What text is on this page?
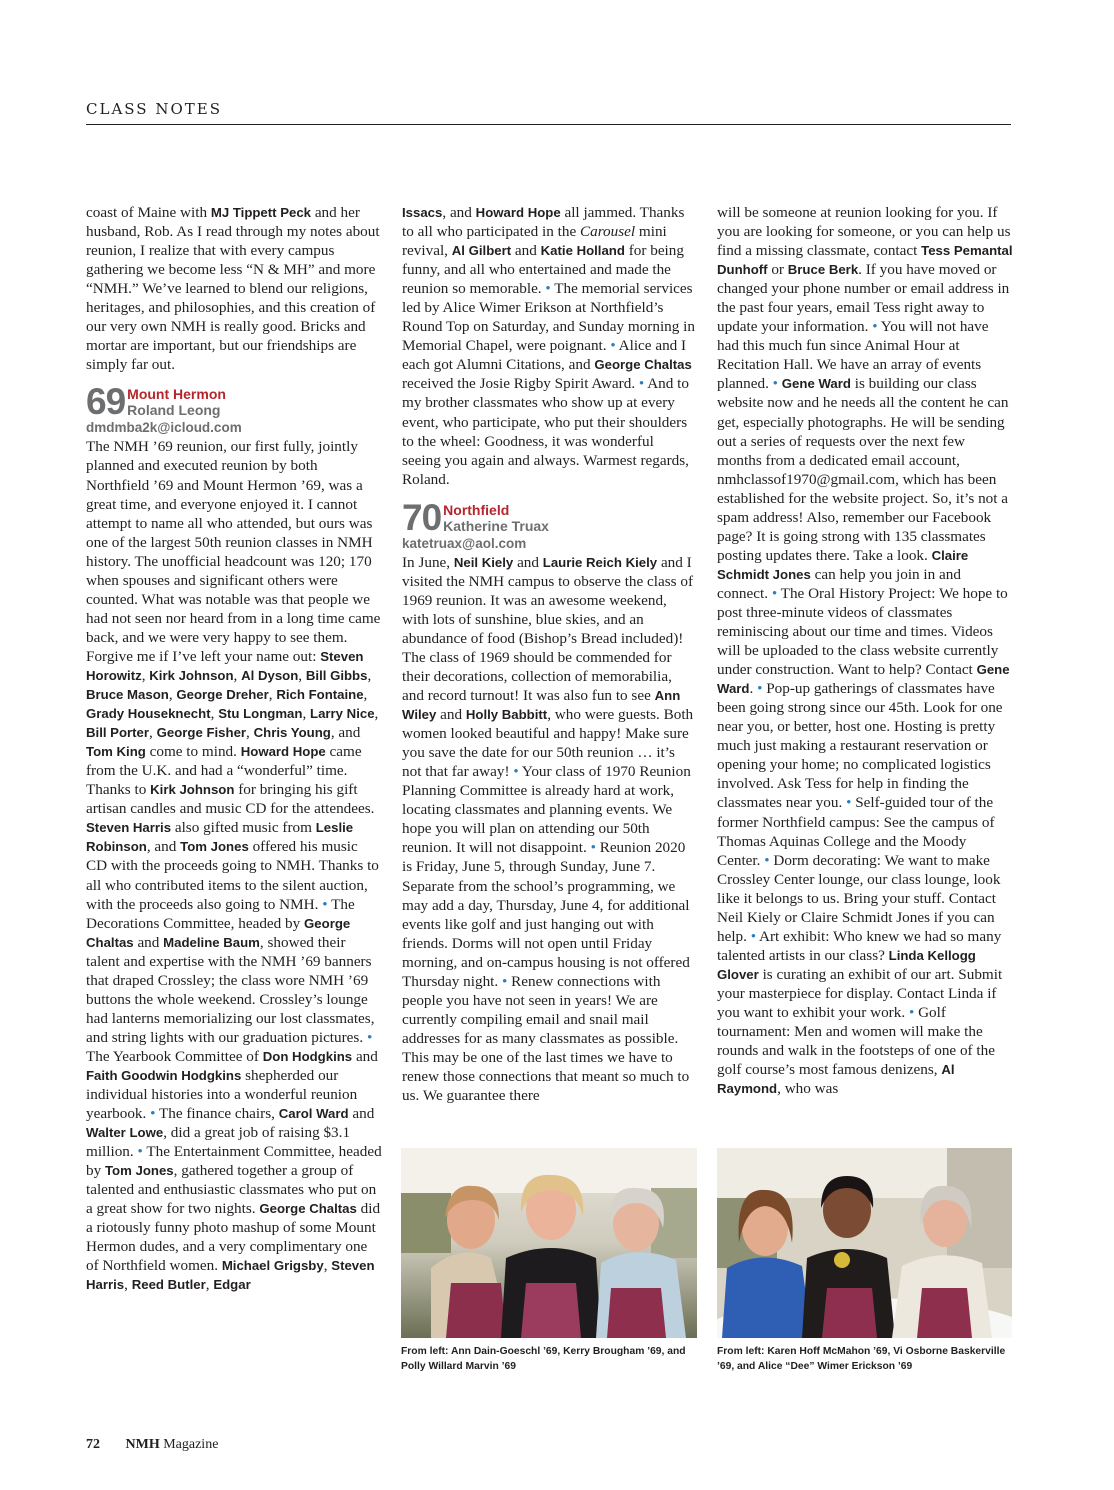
CLASS NOTES

coast of Maine with MJ Tippett Peck and her husband, Rob. As I read through my notes about reunion, I realize that with every campus gathering we become less “N & MH” and more “NMH.” We’ve learned to blend our religions, heritages, and philosophies, and this creation of our very own NMH is really good. Bricks and mortar are important, but our friendships are simply far out.

69 Mount Hermon
Roland Leong
dmdmba2k@icloud.com

The NMH ’69 reunion, our first fully, jointly planned and executed reunion by both Northfield ’69 and Mount Hermon ’69, was a great time, and everyone enjoyed it. I cannot attempt to name all who attended, but ours was one of the largest 50th reunion classes in NMH history. The unofficial headcount was 120; 170 when spouses and significant others were counted. What was notable was that people we had not seen nor heard from in a long time came back, and we were very happy to see them. Forgive me if I’ve left your name out: Steven Horowitz, Kirk Johnson, Al Dyson, Bill Gibbs, Bruce Mason, George Dreher, Rich Fontaine, Grady Houseknecht, Stu Longman, Larry Nice, Bill Porter, George Fisher, Chris Young, and Tom King come to mind. Howard Hope came from the U.K. and had a “wonderful” time. Thanks to Kirk Johnson for bringing his gift artisan candles and music CD for the attendees. Steven Harris also gifted music from Leslie Robinson, and Tom Jones offered his music CD with the proceeds going to NMH. Thanks to all who contributed items to the silent auction, with the proceeds also going to NMH. • The Decorations Committee, headed by George Chaltas and Madeline Baum, showed their talent and expertise with the NMH ’69 banners that draped Crossley; the class wore NMH ’69 buttons the whole weekend. Crossley’s lounge had lanterns memorializing our lost classmates, and string lights with our graduation pictures. • The Yearbook Committee of Don Hodgkins and Faith Goodwin Hodgkins shepherded our individual histories into a wonderful reunion yearbook. • The finance chairs, Carol Ward and Walter Lowe, did a great job of raising $3.1 million. • The Entertainment Committee, headed by Tom Jones, gathered together a group of talented and enthusiastic classmates who put on a great show for two nights. George Chaltas did a riotously funny photo mashup of some Mount Hermon dudes, and a very complimentary one of Northfield women. Michael Grigsby, Steven Harris, Reed Butler, Edgar

Issacs, and Howard Hope all jammed. Thanks to all who participated in the Carousel mini revival, Al Gilbert and Katie Holland for being funny, and all who entertained and made the reunion so memorable. • The memorial services led by Alice Wimer Erikson at Northfield’s Round Top on Saturday, and Sunday morning in Memorial Chapel, were poignant. • Alice and I each got Alumni Citations, and George Chaltas received the Josie Rigby Spirit Award. • And to my brother classmates who show up at every event, who participate, who put their shoulders to the wheel: Goodness, it was wonderful seeing you again and always. Warmest regards, Roland.

70 Northfield
Katherine Truax
katetruax@aol.com

In June, Neil Kiely and Laurie Reich Kiely and I visited the NMH campus to observe the class of 1969 reunion. It was an awesome weekend, with lots of sunshine, blue skies, and an abundance of food (Bishop’s Bread included)! The class of 1969 should be commended for their decorations, collection of memorabilia, and record turnout! It was also fun to see Ann Wiley and Holly Babbitt, who were guests. Both women looked beautiful and happy! Make sure you save the date for our 50th reunion … it’s not that far away! • Your class of 1970 Reunion Planning Committee is already hard at work, locating classmates and planning events. We hope you will plan on attending our 50th reunion. It will not disappoint. • Reunion 2020 is Friday, June 5, through Sunday, June 7. Separate from the school’s programming, we may add a day, Thursday, June 4, for additional events like golf and just hanging out with friends. Dorms will not open until Friday morning, and on-campus housing is not offered Thursday night. • Renew connections with people you have not seen in years! We are currently compiling email and snail mail addresses for as many classmates as possible. This may be one of the last times we have to renew those connections that meant so much to us. We guarantee there

will be someone at reunion looking for you. If you are looking for someone, or you can help us find a missing classmate, contact Tess Pemantal Dunhoff or Bruce Berk. If you have moved or changed your phone number or email address in the past four years, email Tess right away to update your information. • You will not have had this much fun since Animal Hour at Recitation Hall. We have an array of events planned. • Gene Ward is building our class website now and he needs all the content he can get, especially photographs. He will be sending out a series of requests over the next few months from a dedicated email account, nmhclassof1970@gmail.com, which has been established for the website project. So, it’s not a spam address! Also, remember our Facebook page? It is going strong with 135 classmates posting updates there. Take a look. Claire Schmidt Jones can help you join in and connect. • The Oral History Project: We hope to post three-minute videos of classmates reminiscing about our time and times. Videos will be uploaded to the class website currently under construction. Want to help? Contact Gene Ward. • Pop-up gatherings of classmates have been going strong since our 45th. Look for one near you, or better, host one. Hosting is pretty much just making a restaurant reservation or opening your home; no complicated logistics involved. Ask Tess for help in finding the classmates near you. • Self-guided tour of the former Northfield campus: See the campus of Thomas Aquinas College and the Moody Center. • Dorm decorating: We want to make Crossley Center lounge, our class lounge, look like it belongs to us. Bring your stuff. Contact Neil Kiely or Claire Schmidt Jones if you can help. • Art exhibit: Who knew we had so many talented artists in our class? Linda Kellogg Glover is curating an exhibit of our art. Submit your masterpiece for display. Contact Linda if you want to exhibit your work. • Golf tournament: Men and women will make the rounds and walk in the footsteps of one of the golf course’s most famous denizens, Al Raymond, who was

From left: Ann Dain-Goeschl ’69, Kerry Brougham ’69, and Polly Willard Marvin ’69
From left: Karen Hoff McMahon ’69, Vi Osborne Baskerville ’69, and Alice “Dee” Wimer Erickson ’69
72 NMH Magazine
